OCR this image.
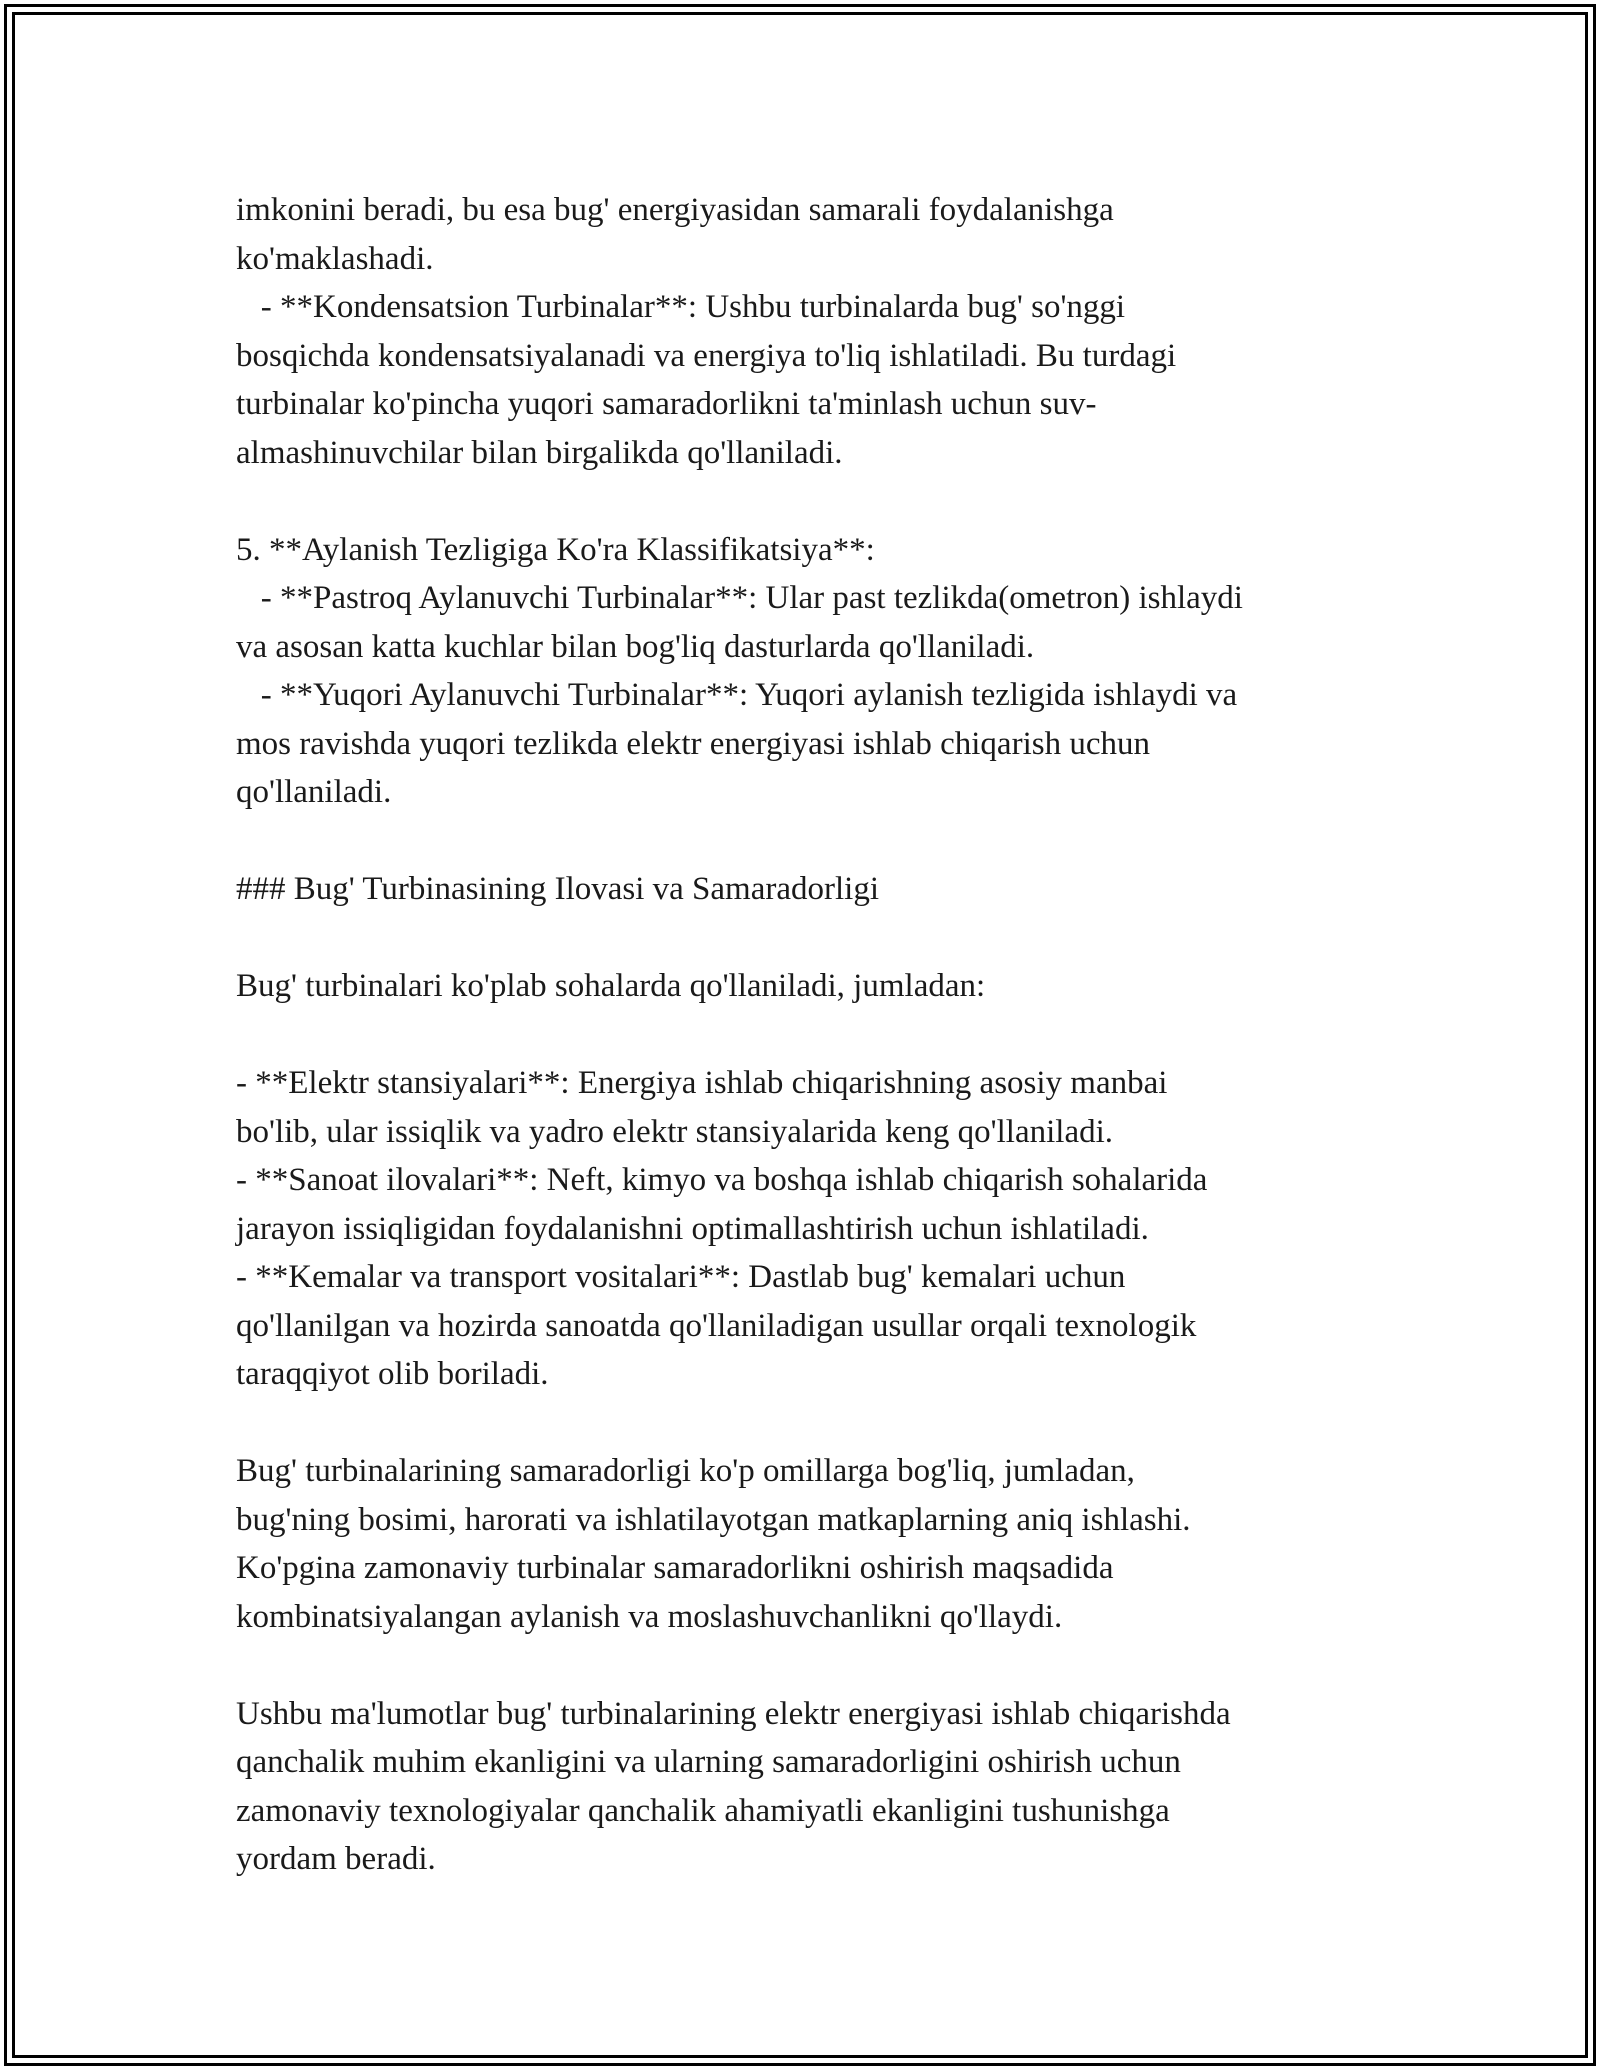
imkonini beradi, bu esa bug' energiyasidan samarali foydalanishga
ko'maklashadi.
- **Kondensatsion Turbinalar**: Ushbu turbinalarda bug' so'nggi
bosqichda kondensatsiyalanadi va energiya to'liq ishlatiladi. Bu turdagi
turbinalar ko'pincha yuqori samaradorlikni ta'minlash uchun suv-
almashinuvchilar bilan birgalikda qo'llaniladi.
5. **Aylanish Tezligiga Ko'ra Klassifikatsiya**:
- **Pastroq Aylanuvchi Turbinalar**: Ular past tezlikda(ometron) ishlaydi
va asosan katta kuchlar bilan bog'liq dasturlarda qo'llaniladi.
- **Yuqori Aylanuvchi Turbinalar**: Yuqori aylanish tezligida ishlaydi va
mos ravishda yuqori tezlikda elektr energiyasi ishlab chiqarish uchun
qo'llaniladi.
### Bug' Turbinasining Ilovasi va Samaradorligi
Bug' turbinalari ko'plab sohalarda qo'llaniladi, jumladan:
- **Elektr stansiyalari**: Energiya ishlab chiqarishning asosiy manbai
bo'lib, ular issiqlik va yadro elektr stansiyalarida keng qo'llaniladi.
- **Sanoat ilovalari**: Neft, kimyo va boshqa ishlab chiqarish sohalarida
jarayon issiqligidan foydalanishni optimallashtirish uchun ishlatiladi.
- **Kemalar va transport vositalari**: Dastlab bug' kemalari uchun
qo'llanilgan va hozirda sanoatda qo'llaniladigan usullar orqali texnologik
taraqqiyot olib boriladi.
Bug' turbinalarining samaradorligi ko'p omillarga bog'liq, jumladan,
bug'ning bosimi, harorati va ishlatilayotgan matkaplarning aniq ishlashi.
Ko'pgina zamonaviy turbinalar samaradorlikni oshirish maqsadida
kombinatsiyalangan aylanish va moslashuvchanlikni qo'llaydi.
Ushbu ma'lumotlar bug' turbinalarining elektr energiyasi ishlab chiqarishda
qanchalik muhim ekanligini va ularning samaradorligini oshirish uchun
zamonaviy texnologiyalar qanchalik ahamiyatli ekanligini tushunishga
yordam beradi.
